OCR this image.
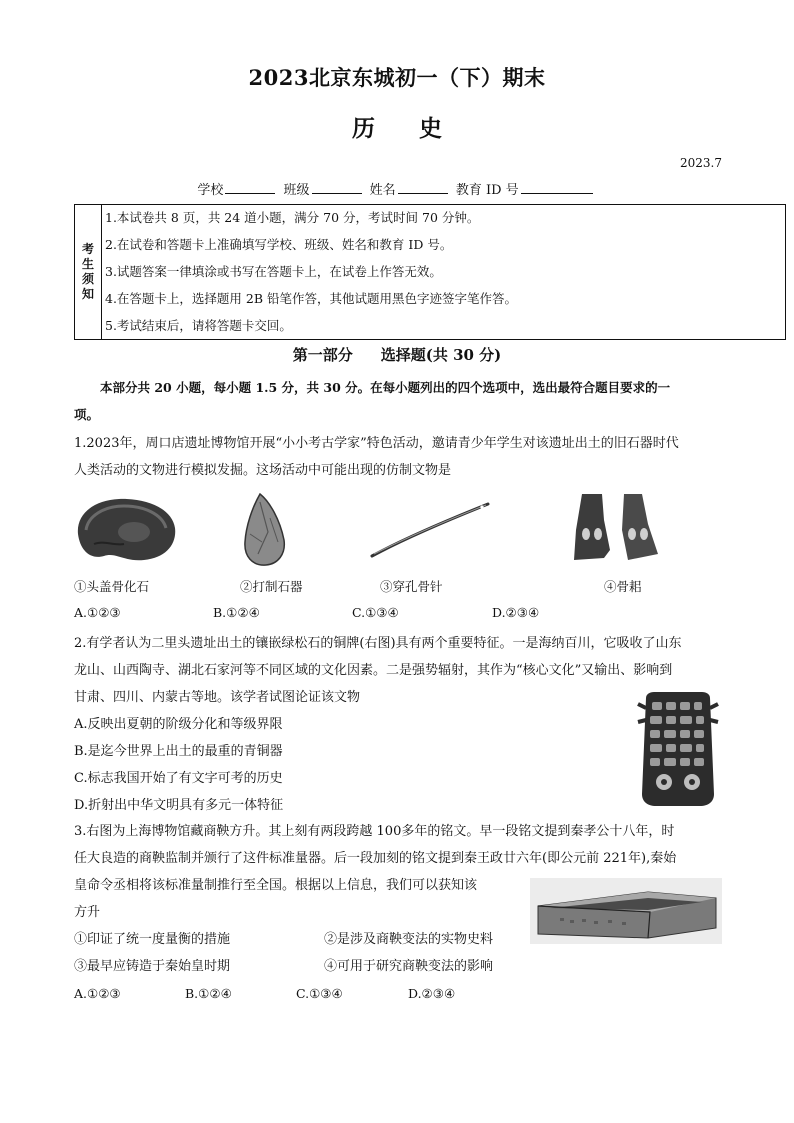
2023北京东城初一（下）期末
历 史
2023.7
学校	班级	姓名	教育 ID 号
考
生
须
知
1.本试卷共 8 页，共 24 道小题，满分 70 分，考试时间 70 分钟。
2.在试卷和答题卡上准确填写学校、班级、姓名和教育 ID 号。
3.试题答案一律填涂或书写在答题卡上，在试卷上作答无效。
4.在答题卡上，选择题用 2B 铅笔作答，其他试题用黑色字迹签字笔作答。
5.考试结束后，请将答题卡交回。
第一部分 选择题(共 30 分)
本部分共 20 小题，每小题 1.5 分，共 30 分。在每小题列出的四个选项中，选出最符合题目要求的一
项。
1.2023年，周口店遗址博物馆开展“小小考古学家”特色活动，邀请青少年学生对该遗址出土的旧石器时代
人类活动的文物进行模拟发掘。这场活动中可能出现的仿制文物是
①头盖骨化石	②打制石器	③穿孔骨针	④骨耜
A.①②③	B.①②④	C.①③④	D.②③④
2.有学者认为二里头遗址出土的镶嵌绿松石的铜牌(右图)具有两个重要特征。一是海纳百川，它吸收了山东
龙山、山西陶寺、湖北石家河等不同区域的文化因素。二是强势辐射，其作为“核心文化”又输出、影响到
甘肃、四川、内蒙古等地。该学者试图论证该文物
A.反映出夏朝的阶级分化和等级界限
B.是迄今世界上出土的最重的青铜器
C.标志我国开始了有文字可考的历史
D.折射出中华文明具有多元一体特征
3.右图为上海博物馆藏商鞅方升。其上刻有两段跨越 100多年的铭文。早一段铭文提到秦孝公十八年，时
任大良造的商鞅监制并颁行了这件标准量器。后一段加刻的铭文提到秦王政廿六年(即公元前 221年),秦始
皇命令丞相将该标准量制推行至全国。根据以上信息，我们可以获知该
方升
①印证了统一度量衡的措施	②是涉及商鞅变法的实物史料
③最早应铸造于秦始皇时期	④可用于研究商鞅变法的影响
A.①②③	B.①②④	C.①③④	D.②③④
